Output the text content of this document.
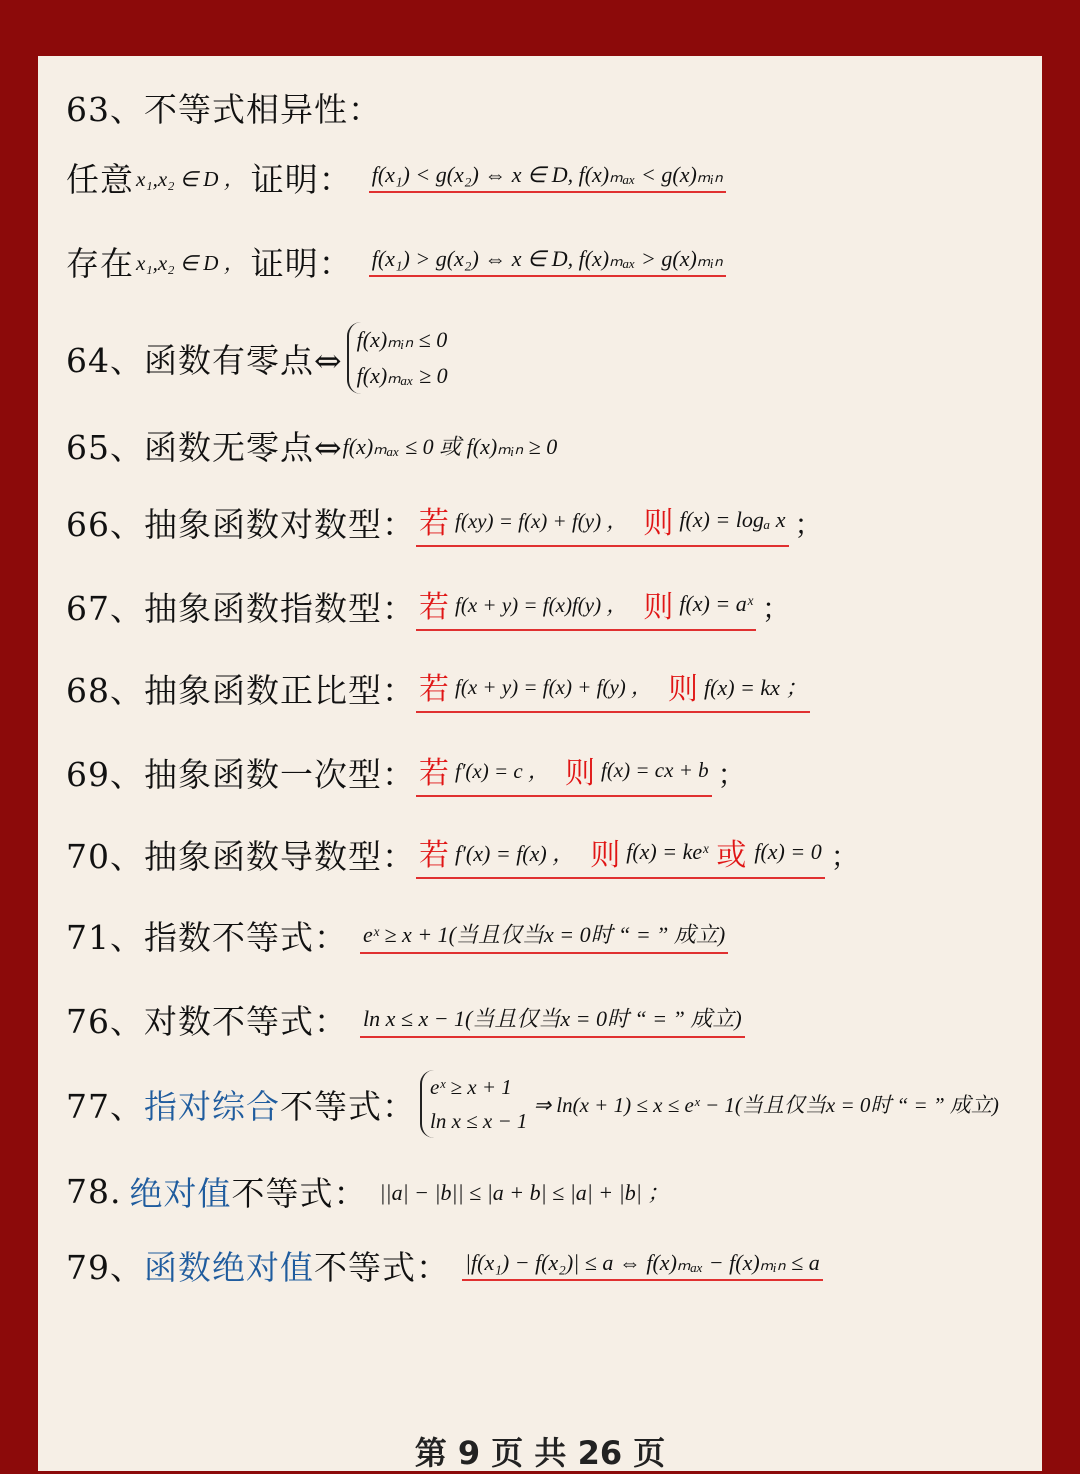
63、不等式相异性：
任意 x₁,x₂ ∈ D ， 证明： f(x₁) < g(x₂) ⇔ x ∈ D, f(x)ₘₐₓ < g(x)ₘᵢₙ
存在 x₁,x₂ ∈ D ， 证明： f(x₁) > g(x₂) ⇔ x ∈ D, f(x)ₘₐₓ > g(x)ₘᵢₙ
64、函数有零点⇔
f(x)ₘᵢₙ ≤ 0
f(x)ₘₐₓ ≥ 0
65、函数无零点⇔ f(x)ₘₐₓ ≤ 0 或 f(x)ₘᵢₙ ≥ 0
66、抽象函数对数型： 若 f(xy) = f(x) + f(y) ， 则 f(x) = logₐ x ；
67、抽象函数指数型： 若 f(x + y) = f(x)f(y) ， 则 f(x) = aˣ ；
68、抽象函数正比型： 若 f(x + y) = f(x) + f(y) ， 则 f(x) = kx ；
69、抽象函数一次型： 若 f′(x) = c ， 则 f(x) = cx + b ；
70、抽象函数导数型： 若 f′(x) = f(x) ， 则 f(x) = keˣ 或 f(x) = 0 ；
71、指数不等式： eˣ ≥ x + 1(当且仅当x = 0时 “ = ” 成立)
76、对数不等式： ln x ≤ x − 1(当且仅当x = 0时 “ = ” 成立)
77、 指对综合 不等式： eˣ ≥ x + 1
ln x ≤ x − 1
⇒ ln(x + 1) ≤ x ≤ eˣ − 1(当且仅当x = 0时 “ = ” 成立)
78. 绝对值 不等式： ||a| − |b|| ≤ |a + b| ≤ |a| + |b| ；
79、 函数绝对值 不等式： |f(x₁) − f(x₂)| ≤ a ⇔ f(x)ₘₐₓ − f(x)ₘᵢₙ ≤ a
第 9 页 共 26 页
